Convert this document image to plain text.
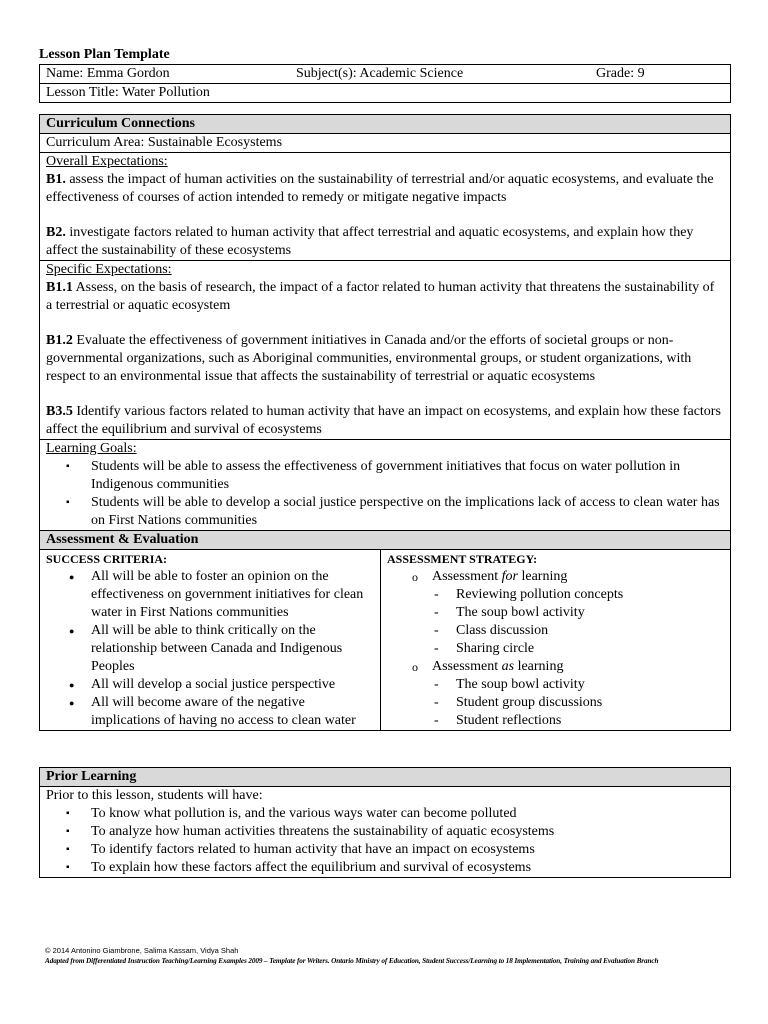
Lesson Plan Template
Name: Emma Gordon	Subject(s): Academic Science	Grade: 9
Lesson Title: Water Pollution
Curriculum Connections
Curriculum Area: Sustainable Ecosystems

Overall Expectations:

B1. assess the impact of human activities on the sustainability of terrestrial and/or aquatic ecosystems, and evaluate the effectiveness of courses of action intended to remedy or mitigate negative impacts

B2. investigate factors related to human activity that affect terrestrial and aquatic ecosystems, and explain how they affect the sustainability of these ecosystems

Specific Expectations:

B1.1 Assess, on the basis of research, the impact of a factor related to human activity that threatens the sustainability of a terrestrial or aquatic ecosystem

B1.2 Evaluate the effectiveness of government initiatives in Canada and/or the efforts of societal groups or non-governmental organizations, such as Aboriginal communities, environmental groups, or student organizations, with respect to an environmental issue that affects the sustainability of terrestrial or aquatic ecosystems

B3.5 Identify various factors related to human activity that have an impact on ecosystems, and explain how these factors affect the equilibrium and survival of ecosystems

Learning Goals:

▪ Students will be able to assess the effectiveness of government initiatives that focus on water pollution in Indigenous communities
▪ Students will be able to develop a social justice perspective on the implications lack of access to clean water has on First Nations communities

Assessment & Evaluation

SUCCESS CRITERIA:
● All will be able to foster an opinion on the effectiveness on government initiatives for clean water in First Nations communities
● All will be able to think critically on the relationship between Canada and Indigenous Peoples
● All will develop a social justice perspective
● All will become aware of the negative implications of having no access to clean water

ASSESSMENT STRATEGY:
o Assessment for learning
- Reviewing pollution concepts
- The soup bowl activity
- Class discussion
- Sharing circle
o Assessment as learning
- The soup bowl activity
- Student group discussions
- Student reflections
Prior Learning

Prior to this lesson, students will have:

▪ To know what pollution is, and the various ways water can become polluted
▪ To analyze how human activities threatens the sustainability of aquatic ecosystems
▪ To identify factors related to human activity that have an impact on ecosystems
▪ To explain how these factors affect the equilibrium and survival of ecosystems
© 2014 Antonino Giambrone, Salima Kassam, Vidya Shah
Adapted from Differentiated Instruction Teaching/Learning Examples 2009 – Template for Writers. Ontario Ministry of Education, Student Success/Learning to 18 Implementation, Training and Evaluation Branch
